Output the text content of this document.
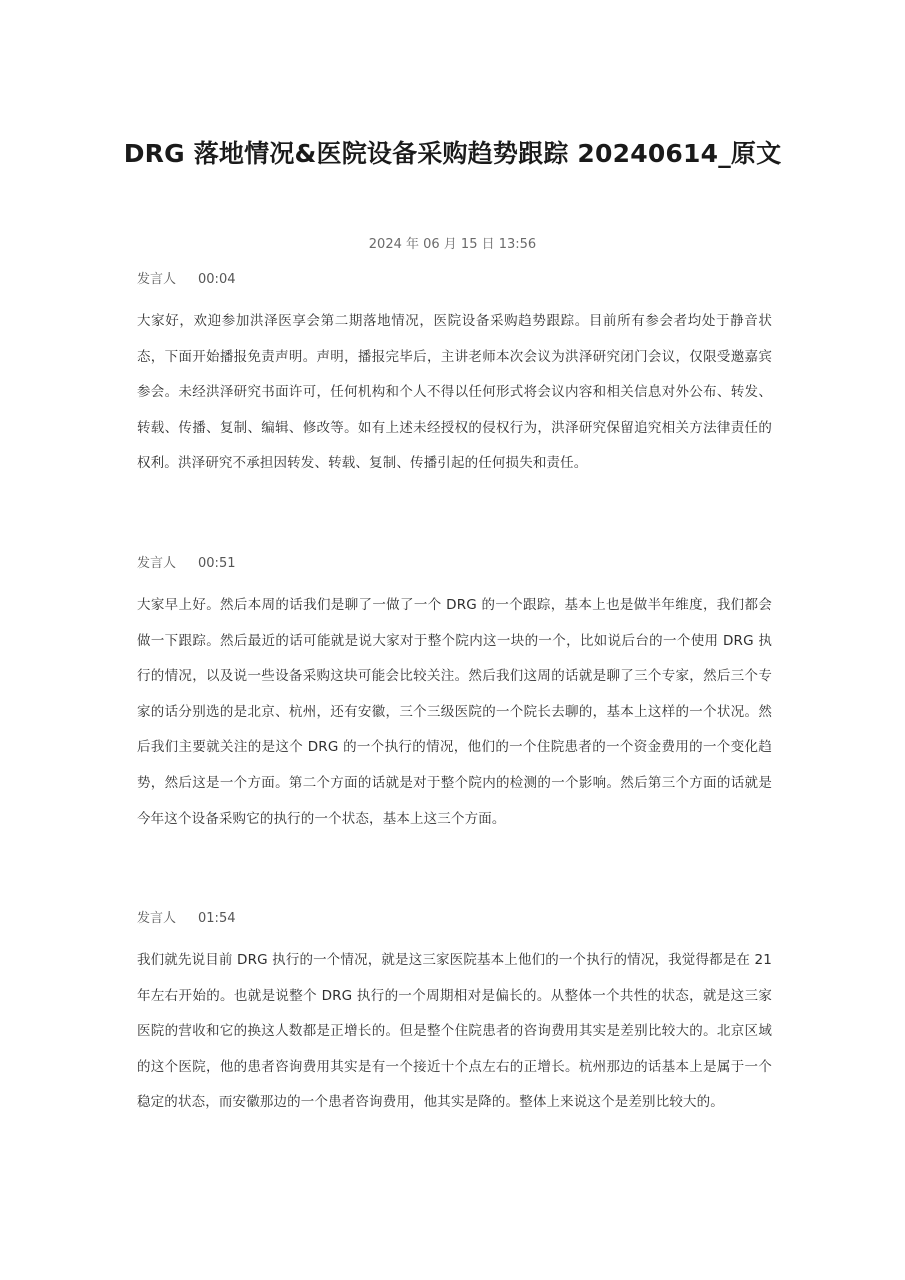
DRG 落地情况&医院设备采购趋势跟踪 20240614_原文
2024 年 06 月 15 日 13:56
发言人 00:04
大家好，欢迎参加洪泽医享会第二期落地情况，医院设备采购趋势跟踪。目前所有参会者均处于静音状态，下面开始播报免责声明。声明，播报完毕后，主讲老师本次会议为洪泽研究闭门会议，仅限受邀嘉宾参会。未经洪泽研究书面许可，任何机构和个人不得以任何形式将会议内容和相关信息对外公布、转发、转载、传播、复制、编辑、修改等。如有上述未经授权的侵权行为，洪泽研究保留追究相关方法律责任的权利。洪泽研究不承担因转发、转载、复制、传播引起的任何损失和责任。
发言人 00:51
大家早上好。然后本周的话我们是聊了一做了一个 DRG 的一个跟踪，基本上也是做半年维度，我们都会做一下跟踪。然后最近的话可能就是说大家对于整个院内这一块的一个，比如说后台的一个使用 DRG 执行的情况，以及说一些设备采购这块可能会比较关注。然后我们这周的话就是聊了三个专家，然后三个专家的话分别选的是北京、杭州，还有安徽，三个三级医院的一个院长去聊的，基本上这样的一个状况。然后我们主要就关注的是这个 DRG 的一个执行的情况，他们的一个住院患者的一个资金费用的一个变化趋势，然后这是一个方面。第二个方面的话就是对于整个院内的检测的一个影响。然后第三个方面的话就是今年这个设备采购它的执行的一个状态，基本上这三个方面。
发言人 01:54
我们就先说目前 DRG 执行的一个情况，就是这三家医院基本上他们的一个执行的情况，我觉得都是在 21 年左右开始的。也就是说整个 DRG 执行的一个周期相对是偏长的。从整体一个共性的状态，就是这三家医院的营收和它的换这人数都是正增长的。但是整个住院患者的咨询费用其实是差别比较大的。北京区域的这个医院，他的患者咨询费用其实是有一个接近十个点左右的正增长。杭州那边的话基本上是属于一个稳定的状态，而安徽那边的一个患者咨询费用，他其实是降的。整体上来说这个是差别比较大的。
